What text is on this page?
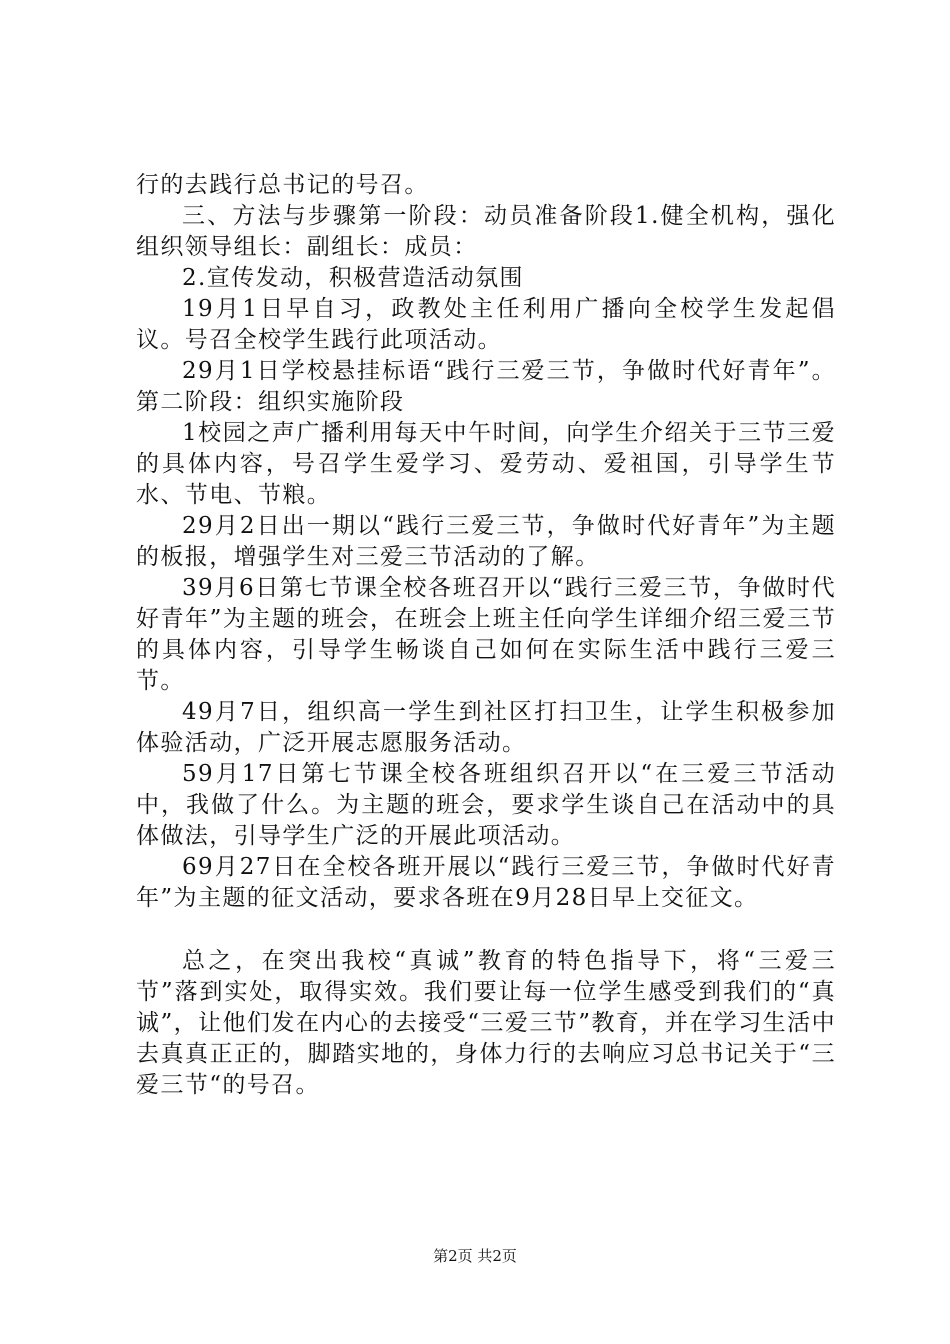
行的去践行总书记的号召。

三、方法与步骤第一阶段：动员准备阶段1.健全机构，强化组织领导组长：副组长：成员：

2.宣传发动，积极营造活动氛围

19月1日早自习，政教处主任利用广播向全校学生发起倡议。号召全校学生践行此项活动。

29月1日学校悬挂标语“践行三爱三节，争做时代好青年”。第二阶段：组织实施阶段

1校园之声广播利用每天中午时间，向学生介绍关于三节三爱的具体内容，号召学生爱学习、爱劳动、爱祖国，引导学生节水、节电、节粮。

29月2日出一期以“践行三爱三节，争做时代好青年”为主题的板报，增强学生对三爱三节活动的了解。

39月6日第七节课全校各班召开以“践行三爱三节，争做时代好青年”为主题的班会，在班会上班主任向学生详细介绍三爱三节的具体内容，引导学生畅谈自己如何在实际生活中践行三爱三节。

49月7日，组织高一学生到社区打扫卫生，让学生积极参加体验活动，广泛开展志愿服务活动。

59月17日第七节课全校各班组织召开以“在三爱三节活动中，我做了什么。为主题的班会，要求学生谈自己在活动中的具体做法，引导学生广泛的开展此项活动。

69月27日在全校各班开展以“践行三爱三节，争做时代好青年”为主题的征文活动，要求各班在9月28日早上交征文。

总之，在突出我校“真诚”教育的特色指导下，将“三爱三节”落到实处，取得实效。我们要让每一位学生感受到我们的“真诚”，让他们发在内心的去接受“三爱三节”教育，并在学习生活中去真真正正的，脚踏实地的，身体力行的去响应习总书记关于“三爱三节“的号召。

第2页 共2页
